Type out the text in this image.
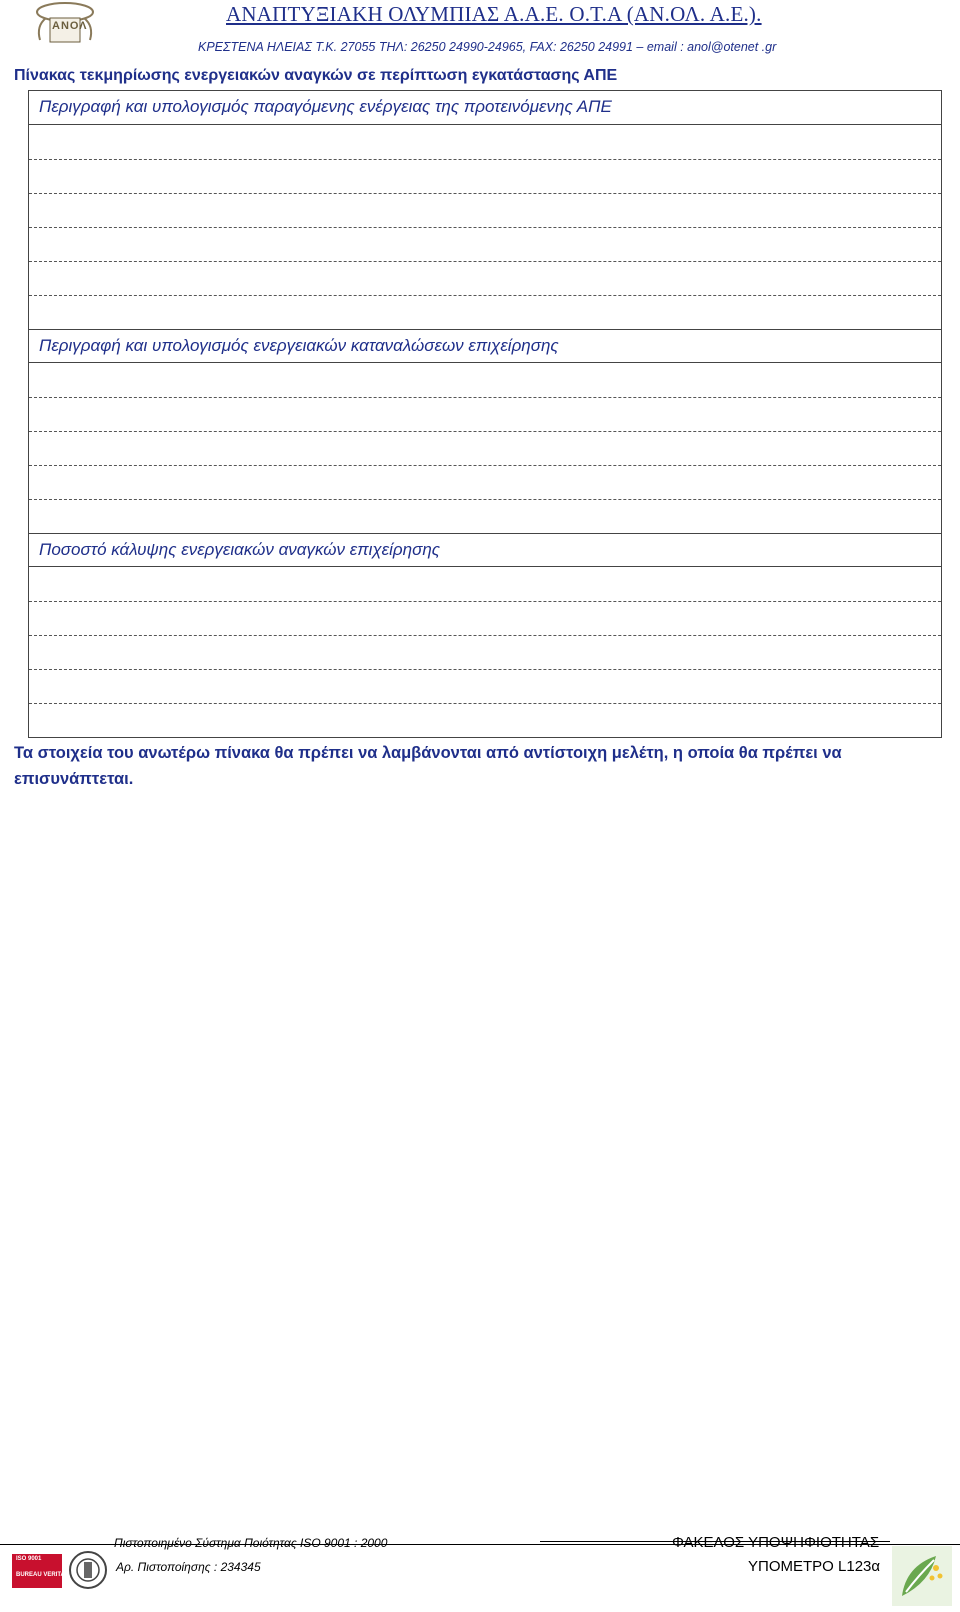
ΑΝΟΛ	ΑΝΑΠΤΥΞΙΑΚΗ ΟΛΥΜΠΙΑΣ Α.Α.Ε. Ο.Τ.Α (ΑΝ.ΟΛ. Α.Ε.).
ΚΡΕΣΤΕΝΑ ΗΛΕΙΑΣ Τ.Κ. 27055 ΤΗΛ: 26250 24990-24965, FAX: 26250 24991 – email : anol@otenet .gr
Πίνακας τεκμηρίωσης ενεργειακών αναγκών σε περίπτωση εγκατάστασης ΑΠΕ
Περιγραφή και υπολογισμός παραγόμενης ενέργειας της προτεινόμενης ΑΠΕ
Περιγραφή και υπολογισμός ενεργειακών καταναλώσεων επιχείρησης
Ποσοστό κάλυψης ενεργειακών αναγκών επιχείρησης
Τα στοιχεία του ανωτέρω πίνακα θα πρέπει να λαμβάνονται από αντίστοιχη μελέτη, η οποία θα πρέπει να επισυνάπτεται.
ISO 9001
BUREAU VERITAS
Πιστοποιημένο Σύστημα Ποιότητας ISO 9001 : 2000
Αρ. Πιστοποίησης : 234345
ΦΑΚΕΛΟΣ ΥΠΟΨΗΦΙΟΤΗΤΑΣ
ΥΠΟΜΕΤΡΟ L123α
